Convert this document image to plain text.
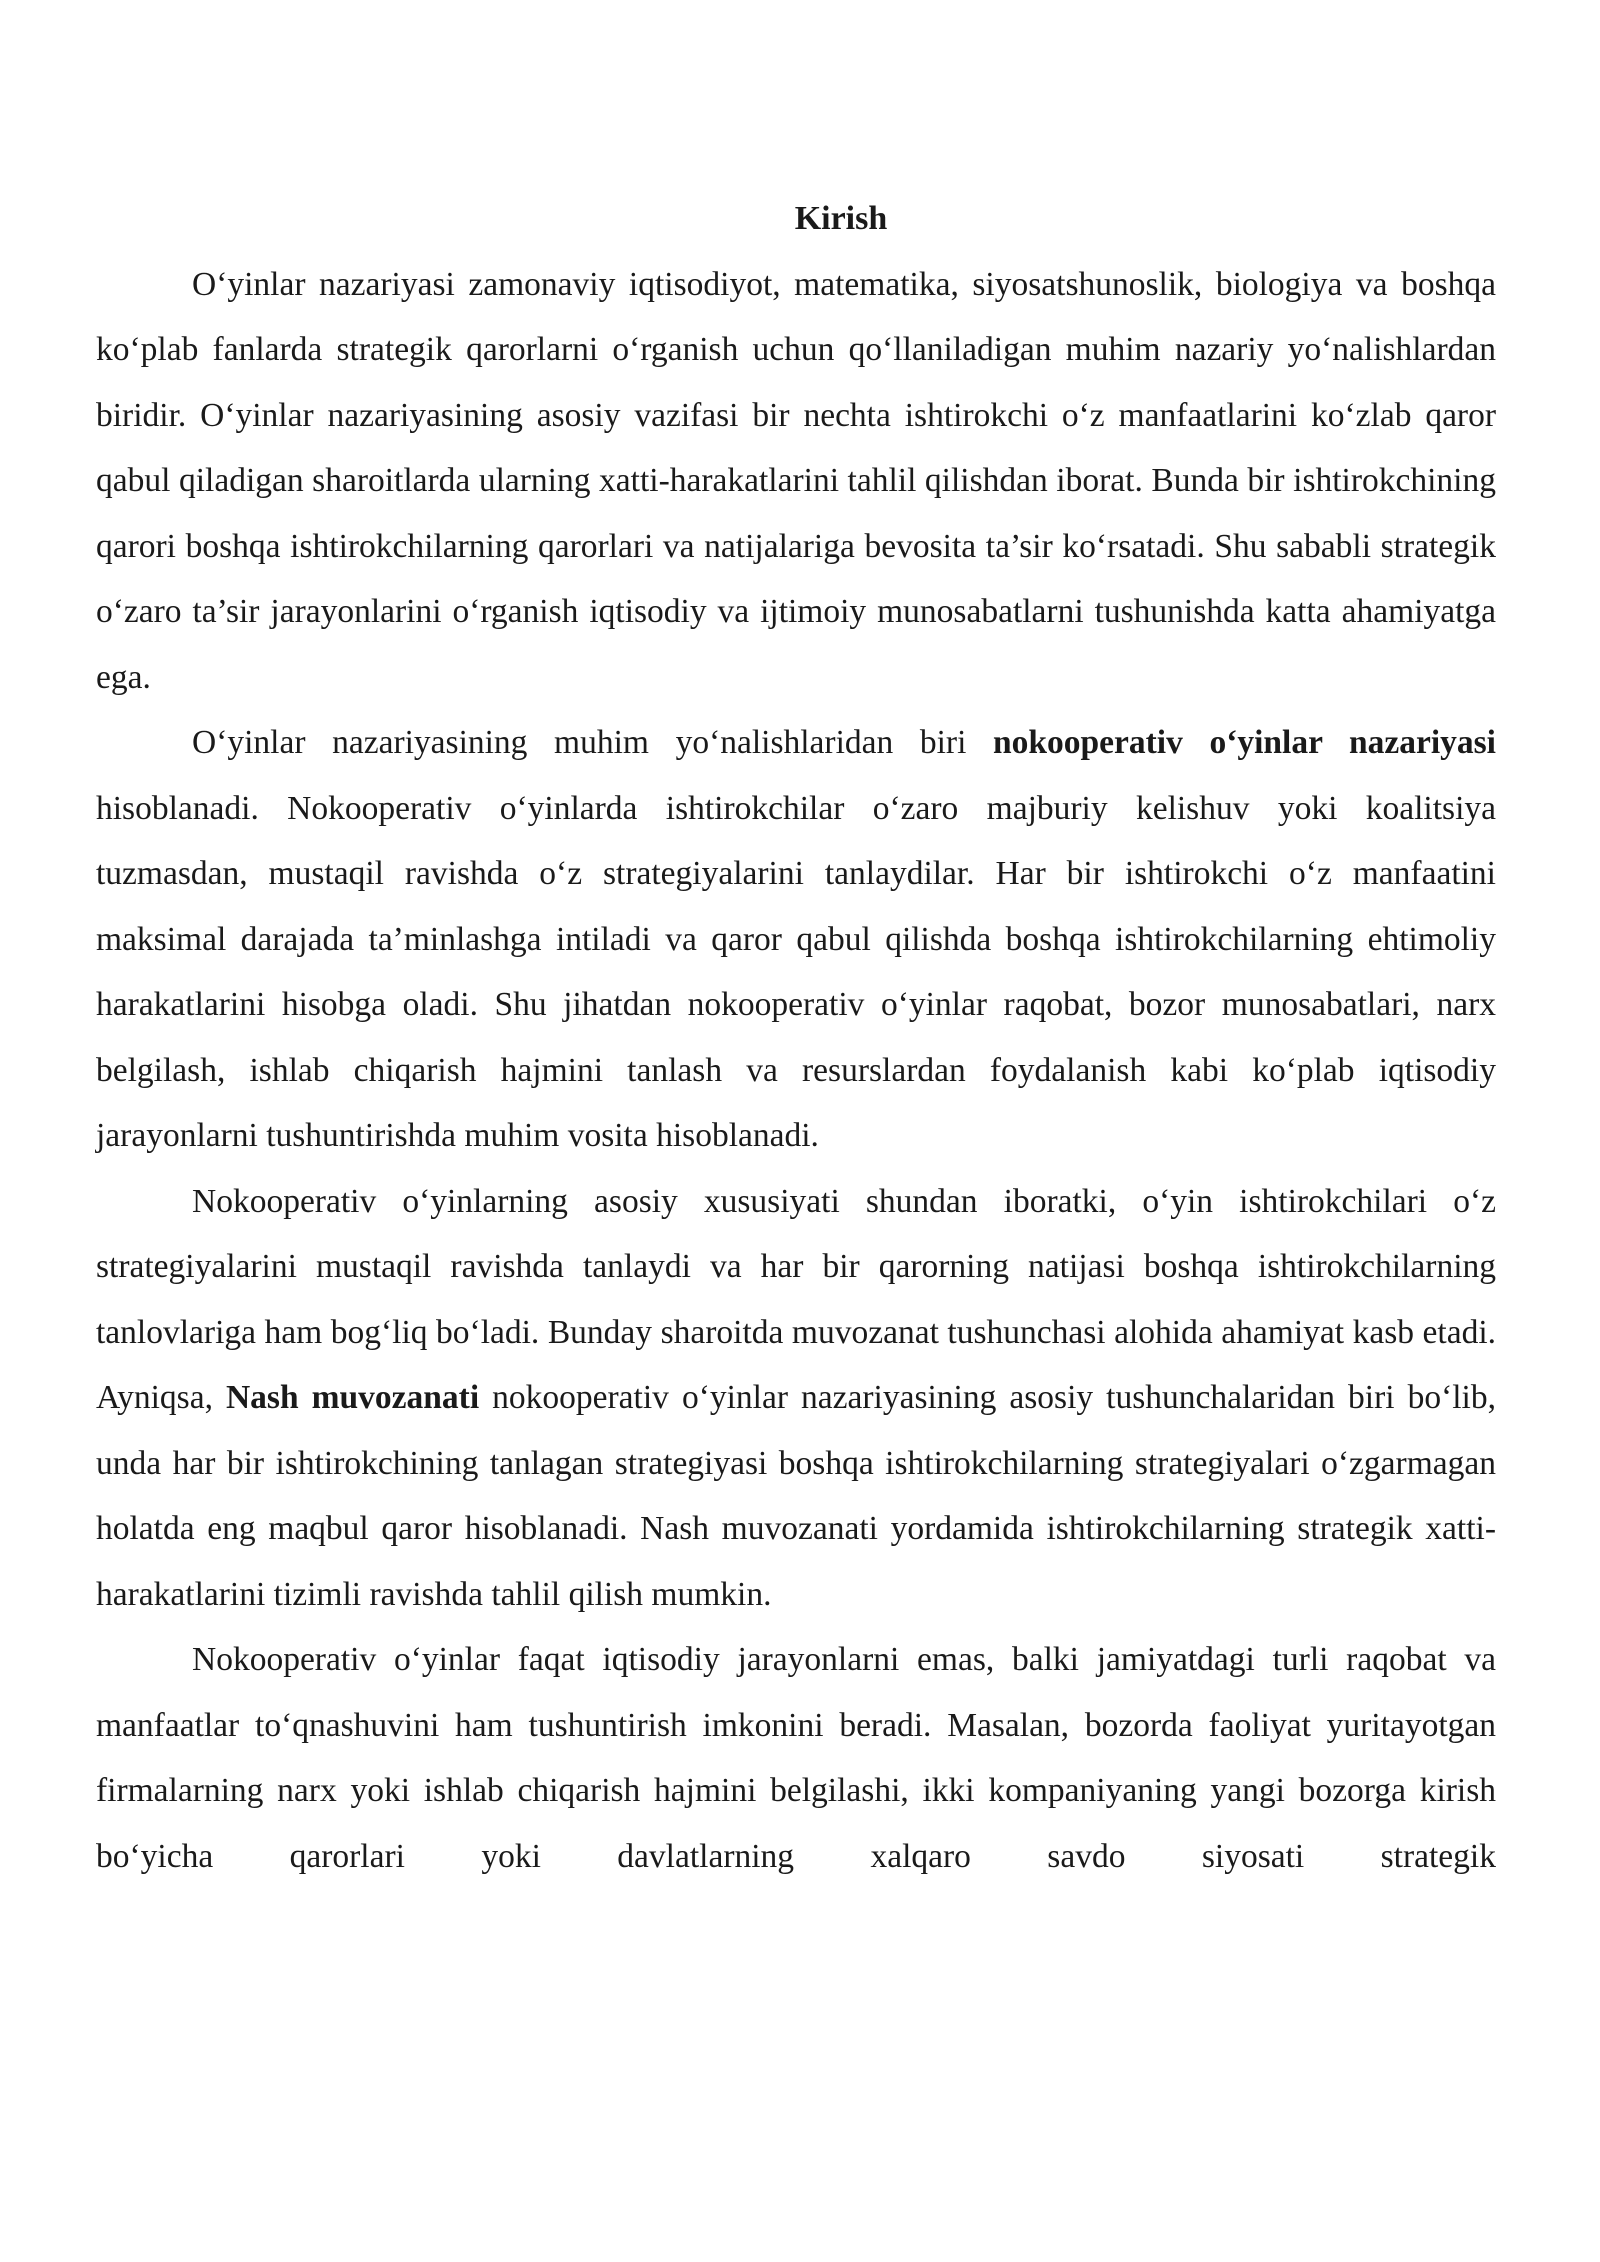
Kirish

O‘yinlar nazariyasi zamonaviy iqtisodiyot, matematika, siyosatshunoslik, biologiya va boshqa ko‘plab fanlarda strategik qarorlarni o‘rganish uchun qo‘llaniladigan muhim nazariy yo‘nalishlardan biridir. O‘yinlar nazariyasining asosiy vazifasi bir nechta ishtirokchi o‘z manfaatlarini ko‘zlab qaror qabul qiladigan sharoitlarda ularning xatti-harakatlarini tahlil qilishdan iborat. Bunda bir ishtirokchining qarori boshqa ishtirokchilarning qarorlari va natijalariga bevosita ta’sir ko‘rsatadi. Shu sababli strategik o‘zaro ta’sir jarayonlarini o‘rganish iqtisodiy va ijtimoiy munosabatlarni tushunishda katta ahamiyatga ega.

O‘yinlar nazariyasining muhim yo‘nalishlaridan biri nokooperativ o‘yinlar nazariyasi hisoblanadi. Nokooperativ o‘yinlarda ishtirokchilar o‘zaro majburiy kelishuv yoki koalitsiya tuzmasdan, mustaqil ravishda o‘z strategiyalarini tanlaydilar. Har bir ishtirokchi o‘z manfaatini maksimal darajada ta’minlashga intiladi va qaror qabul qilishda boshqa ishtirokchilarning ehtimoliy harakatlarini hisobga oladi. Shu jihatdan nokooperativ o‘yinlar raqobat, bozor munosabatlari, narx belgilash, ishlab chiqarish hajmini tanlash va resurslardan foydalanish kabi ko‘plab iqtisodiy jarayonlarni tushuntirishda muhim vosita hisoblanadi.

Nokooperativ o‘yinlarning asosiy xususiyati shundan iboratki, o‘yin ishtirokchilari o‘z strategiyalarini mustaqil ravishda tanlaydi va har bir qarorning natijasi boshqa ishtirokchilarning tanlovlariga ham bog‘liq bo‘ladi. Bunday sharoitda muvozanat tushunchasi alohida ahamiyat kasb etadi. Ayniqsa, Nash muvozanati nokooperativ o‘yinlar nazariyasining asosiy tushunchalaridan biri bo‘lib, unda har bir ishtirokchining tanlagan strategiyasi boshqa ishtirokchilarning strategiyalari o‘zgarmagan holatda eng maqbul qaror hisoblanadi. Nash muvozanati yordamida ishtirokchilarning strategik xatti-harakatlarini tizimli ravishda tahlil qilish mumkin.

Nokooperativ o‘yinlar faqat iqtisodiy jarayonlarni emas, balki jamiyatdagi turli raqobat va manfaatlar to‘qnashuvini ham tushuntirish imkonini beradi. Masalan, bozorda faoliyat yuritayotgan firmalarning narx yoki ishlab chiqarish hajmini belgilashi, ikki kompaniyaning yangi bozorga kirish bo‘yicha qarorlari yoki davlatlarning xalqaro savdo siyosati strategik
